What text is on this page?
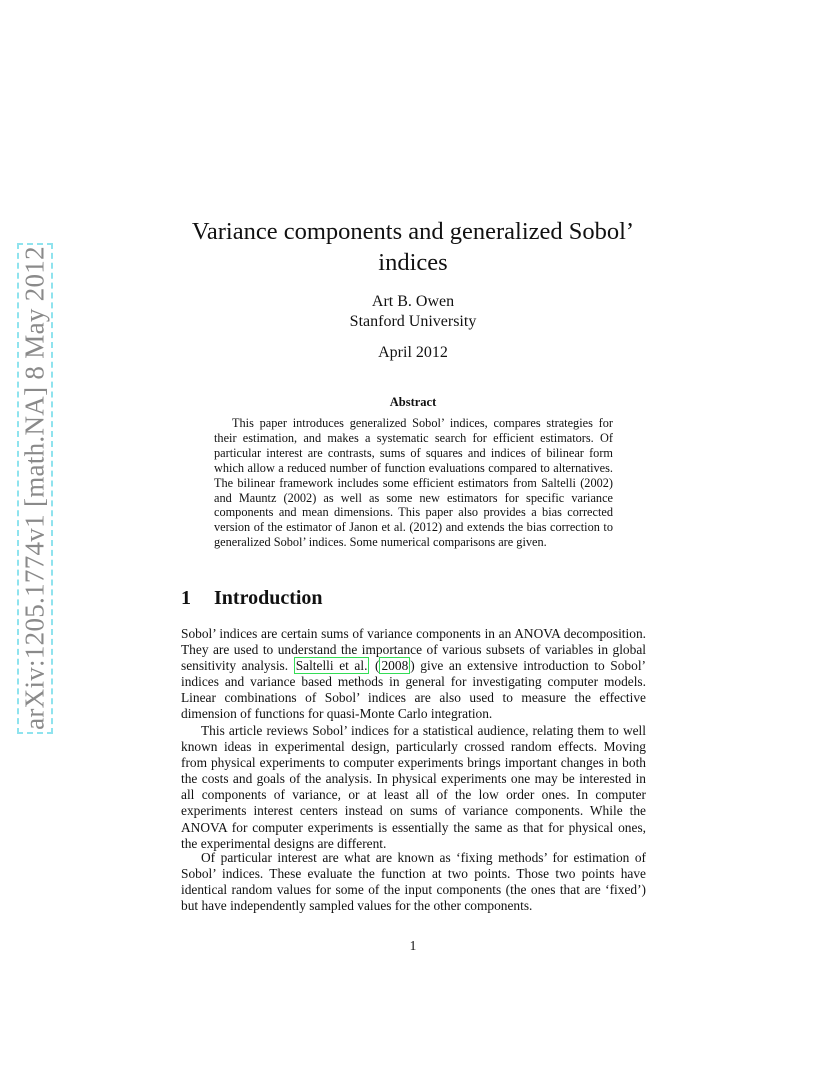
arXiv:1205.1774v1 [math.NA] 8 May 2012
Variance components and generalized Sobol’ indices
Art B. Owen
Stanford University
April 2012
Abstract

This paper introduces generalized Sobol’ indices, compares strategies for their estimation, and makes a systematic search for efficient estimators. Of particular interest are contrasts, sums of squares and indices of bilinear form which allow a reduced number of function evaluations compared to alternatives. The bilinear framework includes some efficient estimators from Saltelli (2002) and Mauntz (2002) as well as some new estimators for specific variance components and mean dimensions. This paper also provides a bias corrected version of the estimator of Janon et al. (2012) and extends the bias correction to generalized Sobol’ indices. Some numerical comparisons are given.

1 Introduction

Sobol’ indices are certain sums of variance components in an ANOVA decomposition. They are used to understand the importance of various subsets of variables in global sensitivity analysis. Saltelli et al. ( 2008 ) give an extensive introduction to Sobol’ indices and variance based methods in general for investigating computer models. Linear combinations of Sobol’ indices are also used to measure the effective dimension of functions for quasi-Monte Carlo integration.

This article reviews Sobol’ indices for a statistical audience, relating them to well known ideas in experimental design, particularly crossed random effects. Moving from physical experiments to computer experiments brings important changes in both the costs and goals of the analysis. In physical experiments one may be interested in all components of variance, or at least all of the low order ones. In computer experiments interest centers instead on sums of variance components. While the ANOVA for computer experiments is essentially the same as that for physical ones, the experimental designs are different.

Of particular interest are what are known as ‘fixing methods’ for estimation of Sobol’ indices. These evaluate the function at two points. Those two points have identical random values for some of the input components (the ones that are ‘fixed’) but have independently sampled values for the other components.

1
